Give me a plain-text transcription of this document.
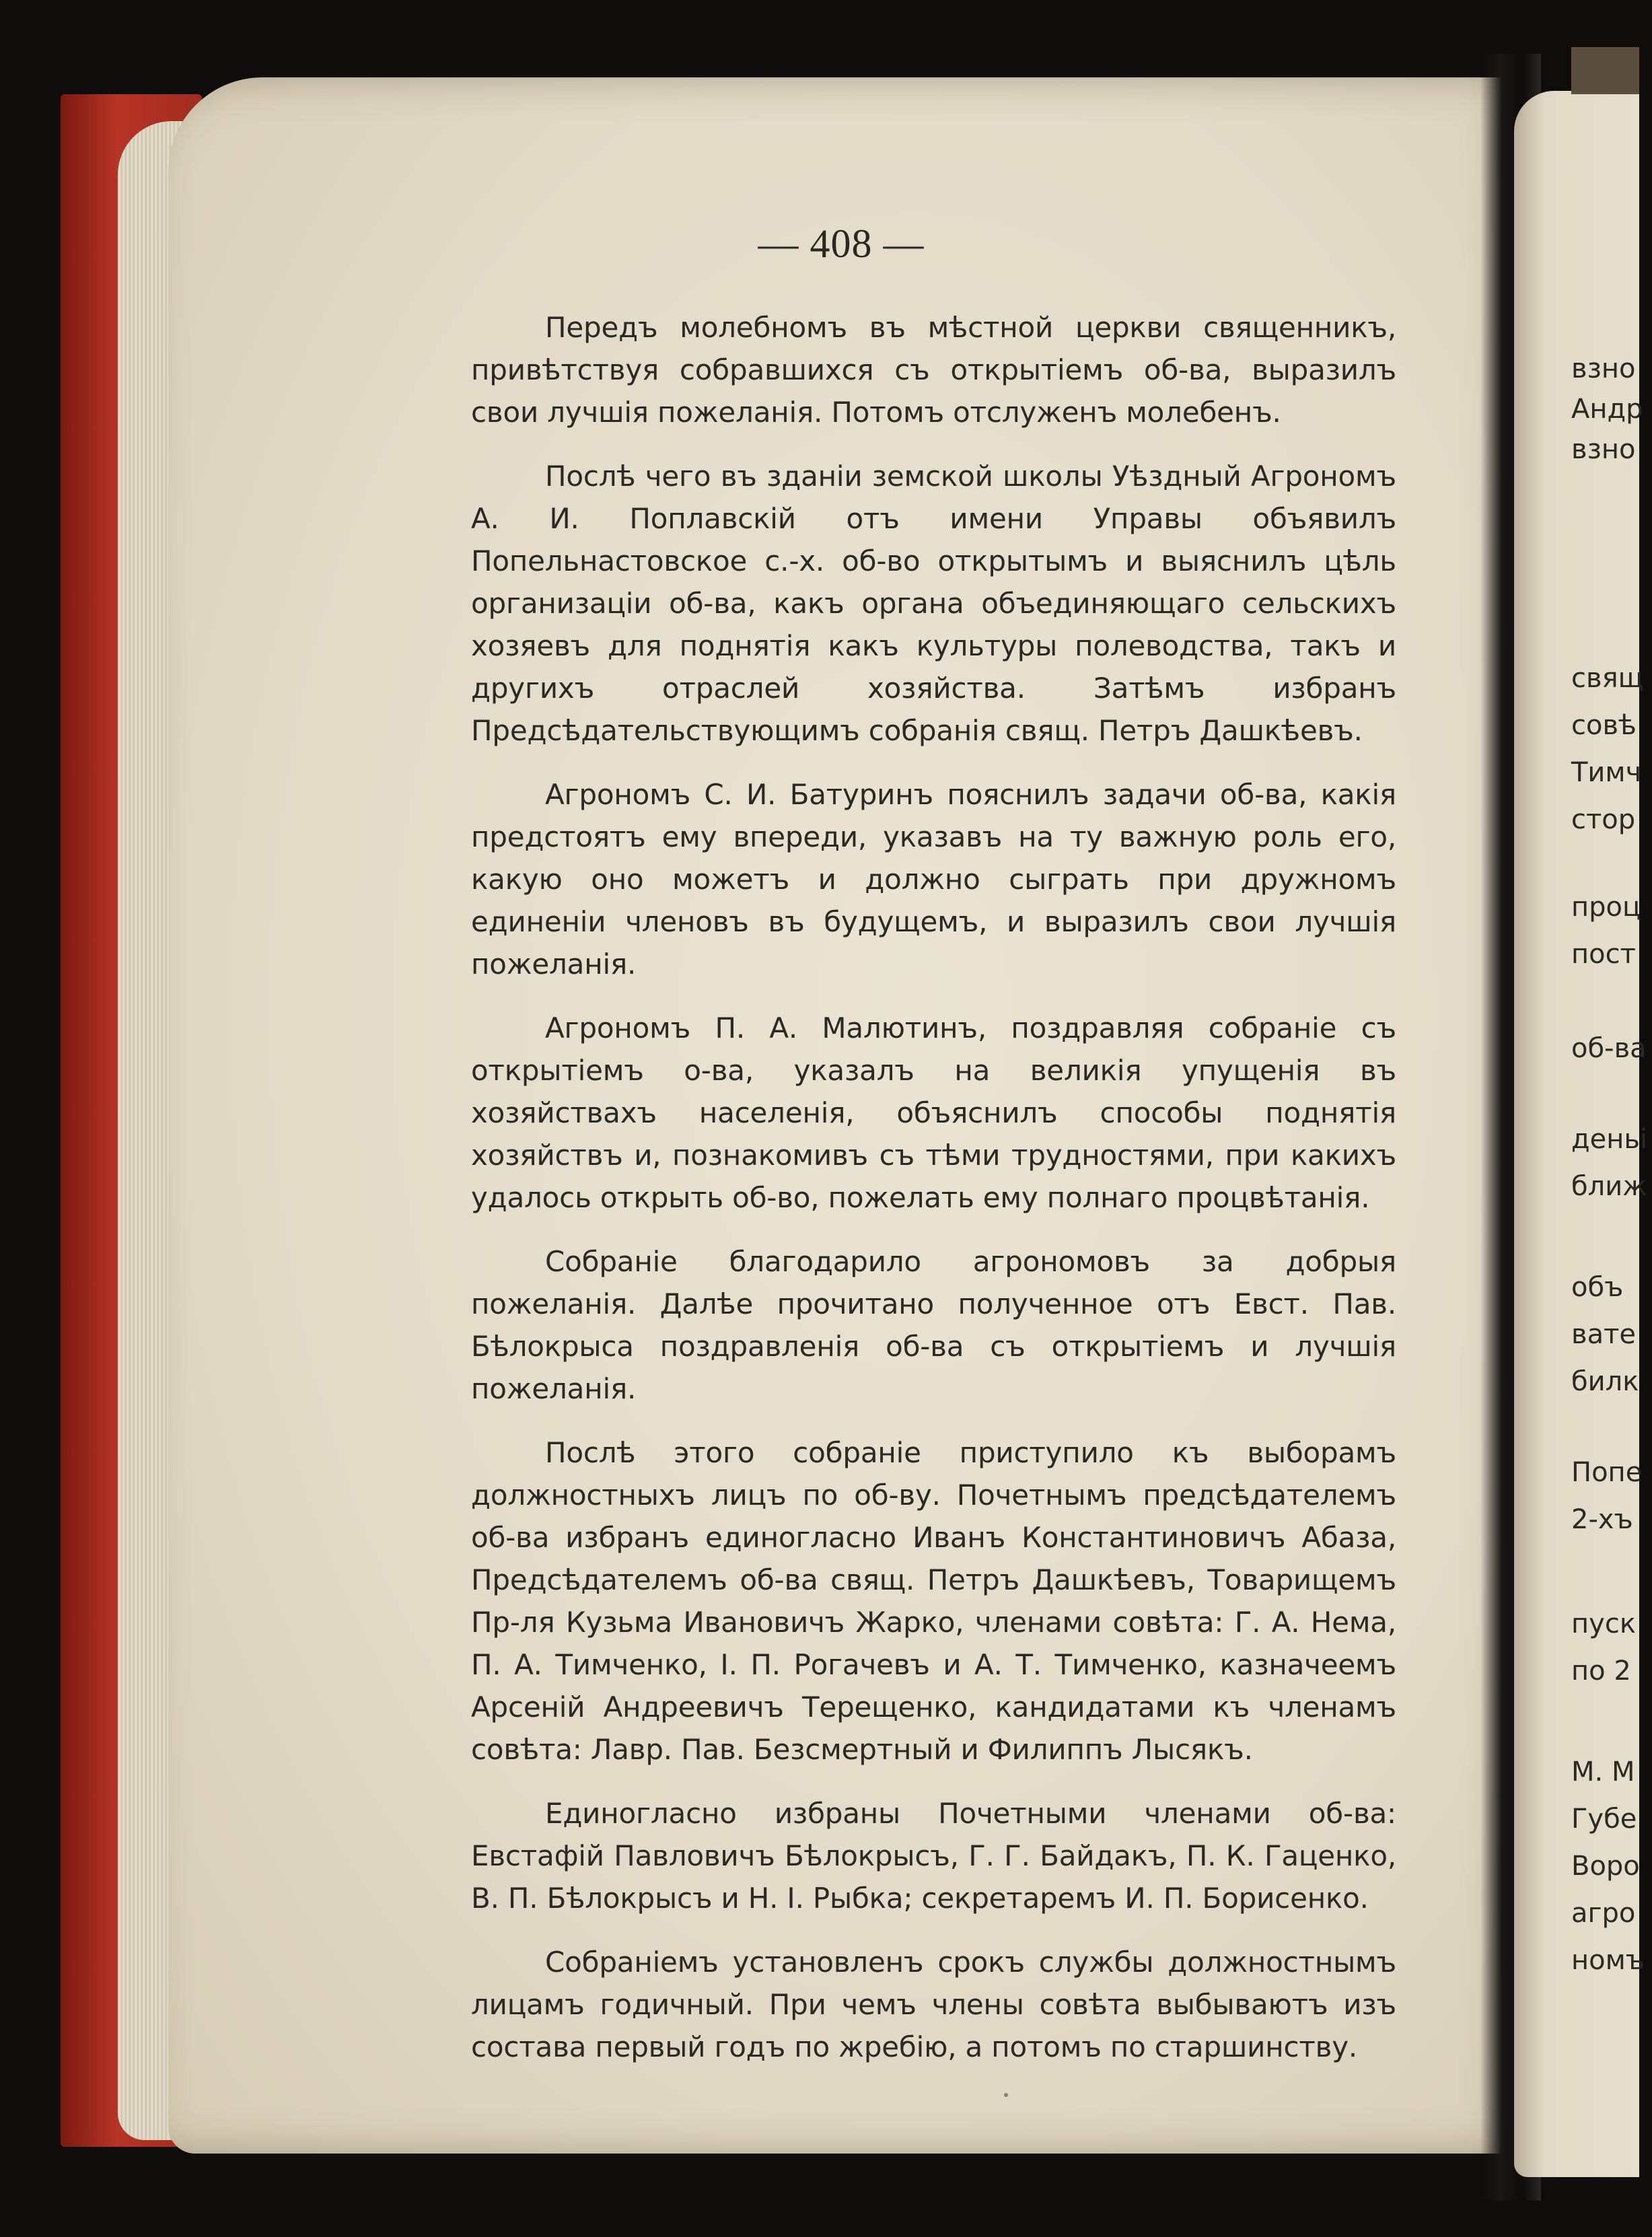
— 408 —

Передъ молебномъ въ мѣстной церкви священникъ, привѣтствуя собравшихся съ открытіемъ об-ва, выразилъ свои лучшія пожеланія. Потомъ отслуженъ молебенъ.

Послѣ чего въ зданіи земской школы Уѣздный Агрономъ А. И. Поплавскій отъ имени Управы объявилъ Попельнастовское с.-х. об-во открытымъ и выяснилъ цѣль организаціи об-ва, какъ органа объединяющаго сельскихъ хозяевъ для поднятія какъ культуры полеводства, такъ и другихъ отраслей хозяйства. Затѣмъ избранъ Предсѣдательствующимъ собранія свящ. Петръ Дашкѣевъ.

Агрономъ С. И. Батуринъ пояснилъ задачи об-ва, какія предстоятъ ему впереди, указавъ на ту важную роль его, какую оно можетъ и должно сыграть при дружномъ единеніи членовъ въ будущемъ, и выразилъ свои лучшія пожеланія.

Агрономъ П. А. Малютинъ, поздравляя собраніе съ открытіемъ о-ва, указалъ на великія упущенія въ хозяйствахъ населенія, объяснилъ способы поднятія хозяйствъ и, познакомивъ съ тѣми трудностями, при какихъ удалось открыть об-во, пожелать ему полнаго процвѣтанія.

Собраніе благодарило агрономовъ за добрыя пожеланія. Далѣе прочитано полученное отъ Евст. Пав. Бѣлокрыса поздравленія об-ва съ открытіемъ и лучшія пожеланія.

Послѣ этого собраніе приступило къ выборамъ должностныхъ лицъ по об-ву. Почетнымъ предсѣдателемъ об-ва избранъ единогласно Иванъ Константиновичъ Абаза, Предсѣдателемъ об-ва свящ. Петръ Дашкѣевъ, Товарищемъ Пр-ля Кузьма Ивановичъ Жарко, членами совѣта: Г. А. Нема, П. А. Тимченко, І. П. Рогачевъ и А. Т. Тимченко, казначеемъ Арсеній Андреевичъ Терещенко, кандидатами къ членамъ совѣта: Лавр. Пав. Безсмертный и Филиппъ Лысякъ.

Единогласно избраны Почетными членами об-ва: Евстафій Павловичъ Бѣлокрысъ, Г. Г. Байдакъ, П. К. Гаценко, В. П. Бѣлокрысъ и Н. І. Рыбка; секретаремъ И. П. Борисенко.

Собраніемъ установленъ срокъ службы должностнымъ лицамъ годичный. При чемъ члены совѣта выбываютъ изъ состава первый годъ по жребію, а потомъ по старшинству.

взно
Андр
взно
свящ
совѣ
Тимч
стор
проц
пост
об-ва
деньі
ближ
объ
вате
билк
Попе
2-хъ
пуск
по 2
М. М
Губе
Воро
агро
номъ
